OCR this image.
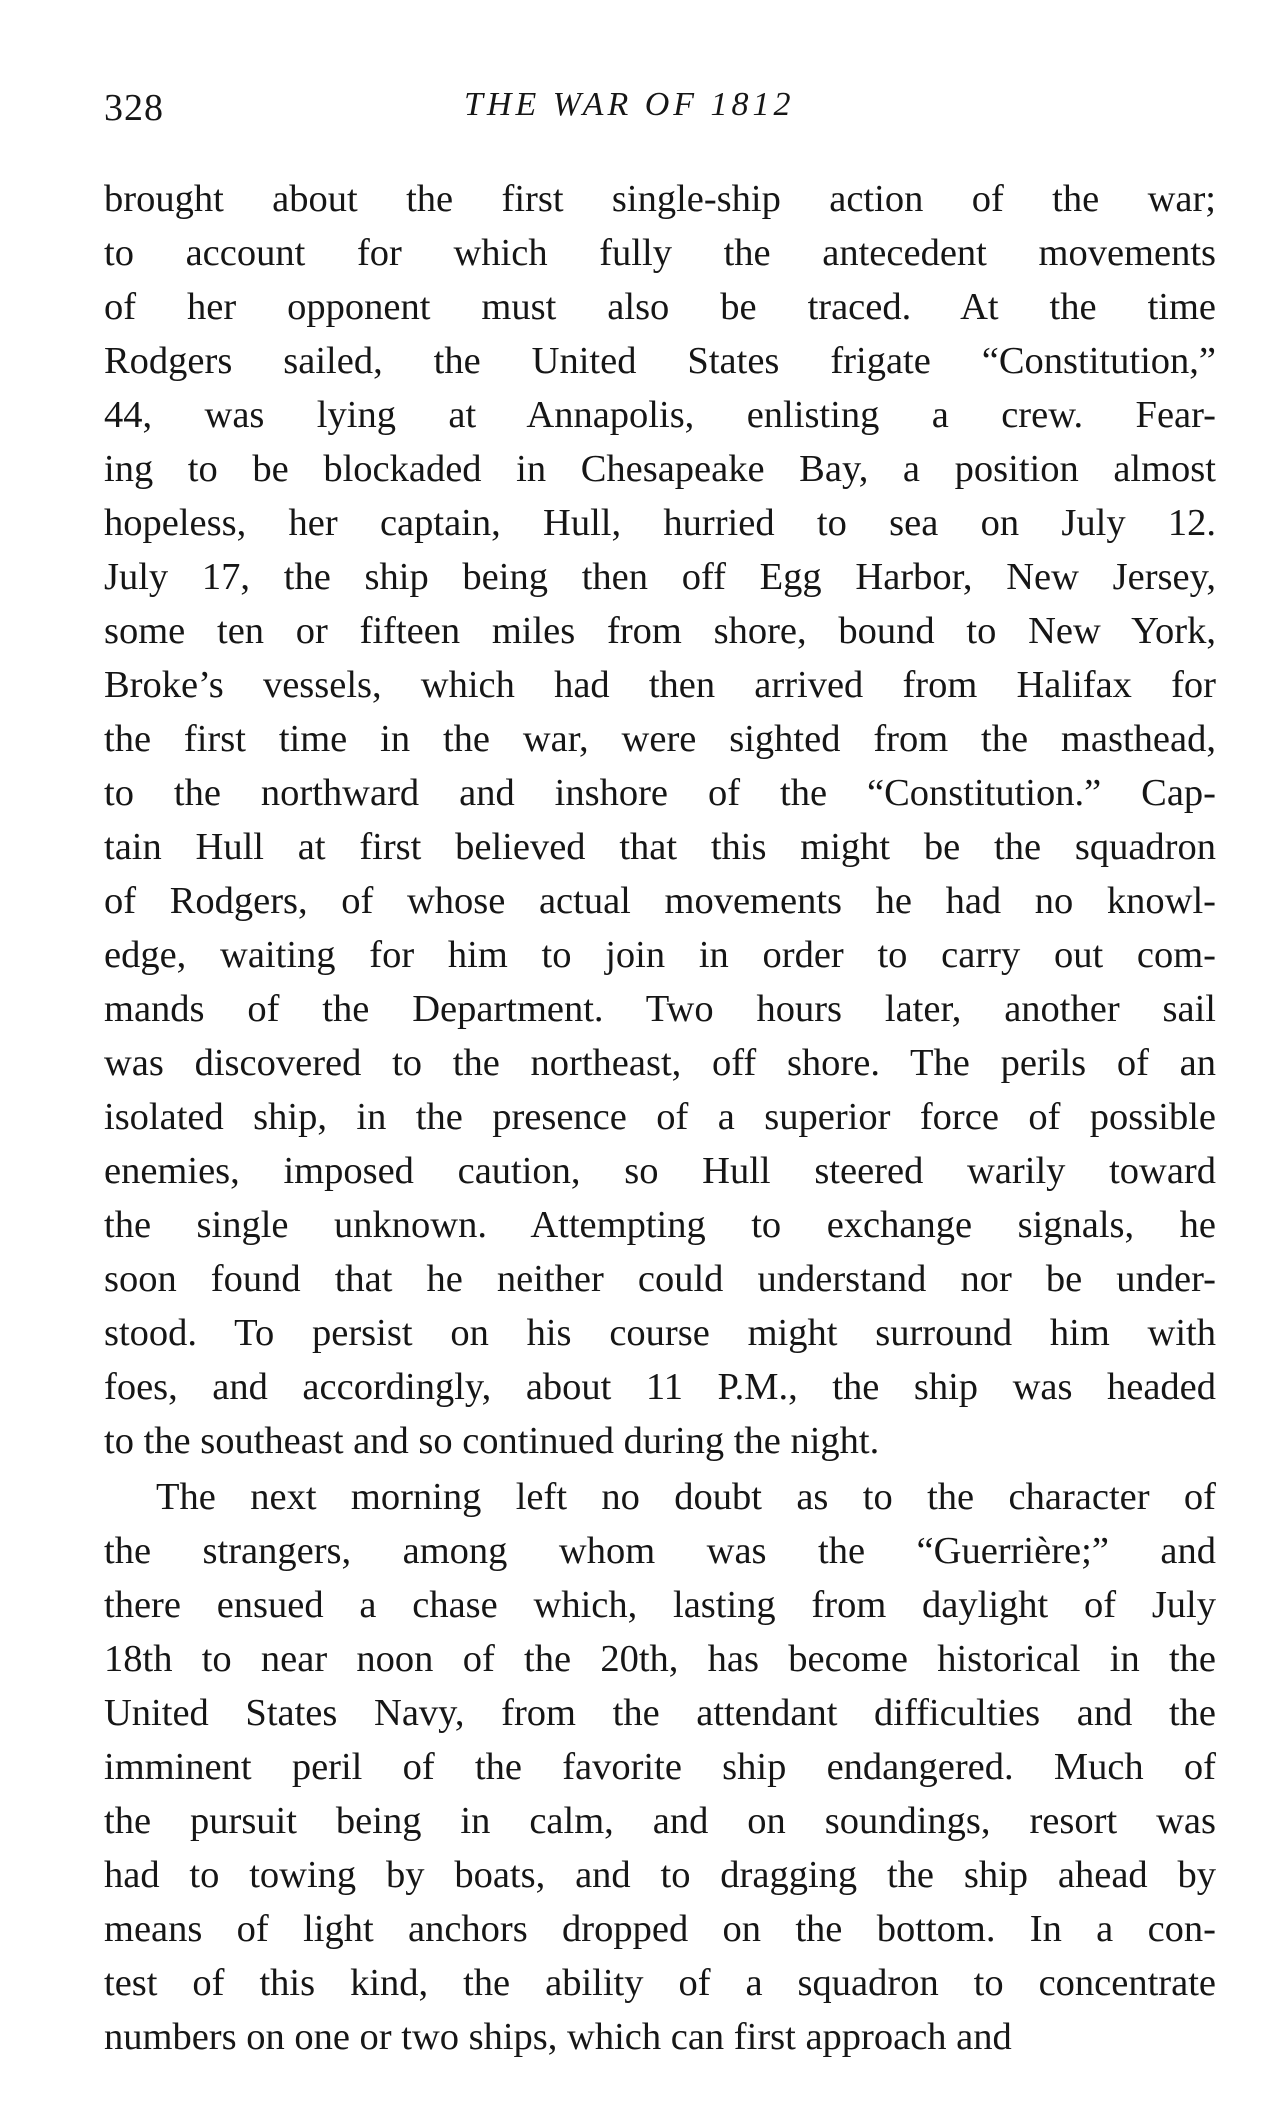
328	THE WAR OF 1812
brought about the first single-ship action of the war;
to account for which fully the antecedent movements
of her opponent must also be traced. At the time
Rodgers sailed, the United States frigate “Constitution,”
44, was lying at Annapolis, enlisting a crew. Fear-
ing to be blockaded in Chesapeake Bay, a position almost
hopeless, her captain, Hull, hurried to sea on July 12.
July 17, the ship being then off Egg Harbor, New Jersey,
some ten or fifteen miles from shore, bound to New York,
Broke’s vessels, which had then arrived from Halifax for
the first time in the war, were sighted from the masthead,
to the northward and inshore of the “Constitution.” Cap-
tain Hull at first believed that this might be the squadron
of Rodgers, of whose actual movements he had no knowl-
edge, waiting for him to join in order to carry out com-
mands of the Department. Two hours later, another sail
was discovered to the northeast, off shore. The perils of an
isolated ship, in the presence of a superior force of possible
enemies, imposed caution, so Hull steered warily toward
the single unknown. Attempting to exchange signals, he
soon found that he neither could understand nor be under-
stood. To persist on his course might surround him with
foes, and accordingly, about 11 P.M., the ship was headed
to the southeast and so continued during the night.
The next morning left no doubt as to the character of
the strangers, among whom was the “Guerrière;” and
there ensued a chase which, lasting from daylight of July
18th to near noon of the 20th, has become historical in the
United States Navy, from the attendant difficulties and the
imminent peril of the favorite ship endangered. Much of
the pursuit being in calm, and on soundings, resort was
had to towing by boats, and to dragging the ship ahead by
means of light anchors dropped on the bottom. In a con-
test of this kind, the ability of a squadron to concentrate
numbers on one or two ships, which can first approach and
